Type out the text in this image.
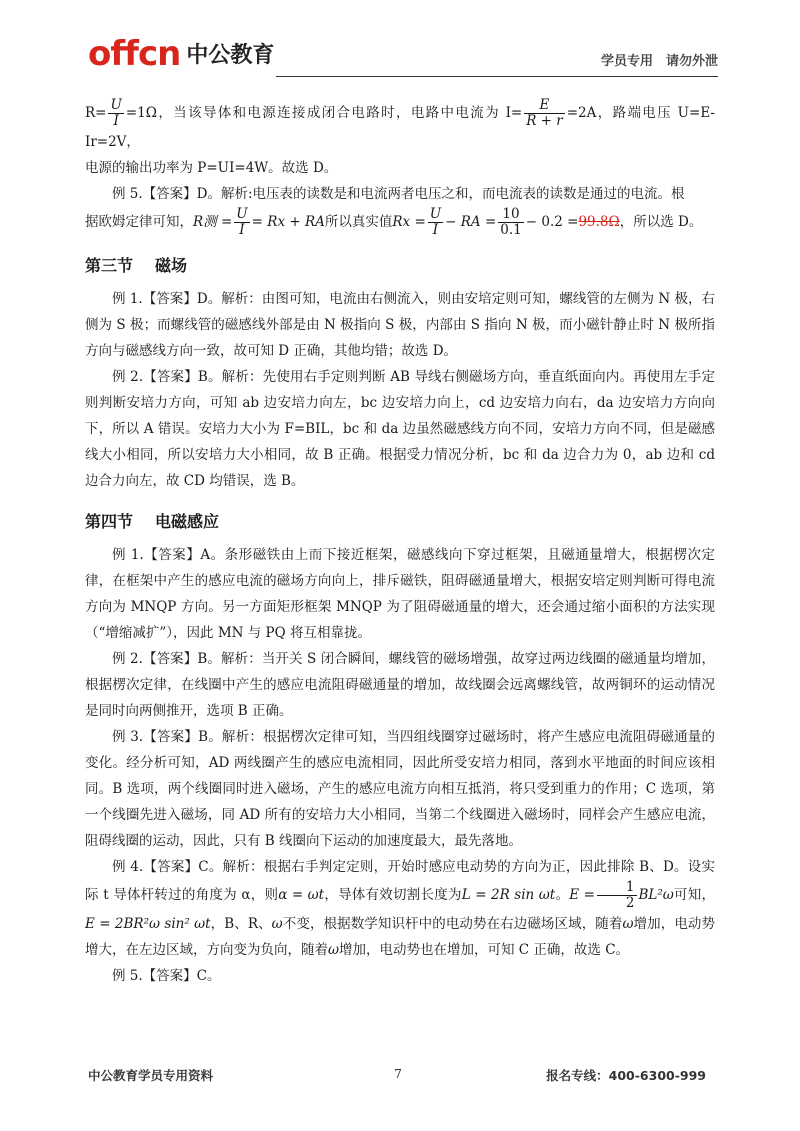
offcn 中公教育	学员专用　请勿外泄

$R= \frac{U}{I} =1\Omega$，当该导体和电源连接成闭合电路时，电路中电流为 $I= \frac{E}{R + r} =2A$，路端电压 U=E-Ir=2V，
电源的输出功率为 P=UI=4W。故选 D。

例 5.【答案】D。解析:电压表的读数是和电流两者电压之和，而电流表的读数是通过的电流。根

据欧姆定律可知，R测 = $\frac{U}{I} = Rx$ + RA所以真实值$Rx = \frac{U}{I}$ − RA = $\frac{10}{0.1} - 0.2 =99.8\Omega$，所以选 D。

第三节 磁场

例 1.【答案】D。解析：由图可知，电流由右侧流入，则由安培定则可知，螺线管的左侧为 N 极，右侧为 S 极；而螺线管的磁感线外部是由 N 极指向 S 极，内部由 S 指向 N 极，而小磁针静止时 N 极所指方向与磁感线方向一致，故可知 D 正确，其他均错；故选 D。

例 2.【答案】B。解析：先使用右手定则判断 AB 导线右侧磁场方向，垂直纸面向内。再使用左手定则判断安培力方向，可知 ab 边安培力向左，bc 边安培力向上，cd 边安培力向右，da 边安培力方向向下，所以 A 错误。安培力大小为 F=BIL，bc 和 da 边虽然磁感线方向不同，安培力方向不同，但是磁感线大小相同，所以安培力大小相同，故 B 正确。根据受力情况分析，bc 和 da 边合力为 0，ab 边和 cd 边合力向左，故 CD 均错误，选 B。

第四节 电磁感应

例 1.【答案】A。条形磁铁由上而下接近框架，磁感线向下穿过框架，且磁通量增大，根据楞次定律，在框架中产生的感应电流的磁场方向向上，排斥磁铁，阻碍磁通量增大，根据安培定则判断可得电流方向为 MNQP 方向。另一方面矩形框架 MNQP 为了阻碍磁通量的增大，还会通过缩小面积的方法实现（“增缩减扩”），因此 MN 与 PQ 将互相靠拢。

例 2.【答案】B。解析：当开关 S 闭合瞬间，螺线管的磁场增强，故穿过两边线圈的磁通量均增加，根据楞次定律，在线圈中产生的感应电流阻碍磁通量的增加，故线圈会远离螺线管，故两铜环的运动情况是同时向两侧推开，选项 B 正确。

例 3.【答案】B。解析：根据楞次定律可知，当四组线圈穿过磁场时，将产生感应电流阻碍磁通量的变化。经分析可知，AD 两线圈产生的感应电流相同，因此所受安培力相同，落到水平地面的时间应该相同。B 选项，两个线圈同时进入磁场，产生的感应电流方向相互抵消，将只受到重力的作用；C 选项，第一个线圈先进入磁场，同 AD 所有的安培力大小相同，当第二个线圈进入磁场时，同样会产生感应电流，阻碍线圈的运动，因此，只有 B 线圈向下运动的加速度最大，最先落地。

例 4.【答案】C。解析：根据右手判定定则，开始时感应电动势的方向为正，因此排除 B、D。设实际 t 导体杆转过的角度为 α，则α = ωt，导体有效切割长度为L = 2R sin ωt。$E = \frac{1}{2} BL^2\omega$可知，E = 2BR²ω sin² ωt，B、R、ω不变，根据数学知识杆中的电动势在右边磁场区域，随着ω增加，电动势增大，在左边区域，方向变为负向，随着ω增加，电动势也在增加，可知 C 正确，故选 C。

例 5.【答案】C。

中公教育学员专用资料	7	报名专线：400-6300-999
